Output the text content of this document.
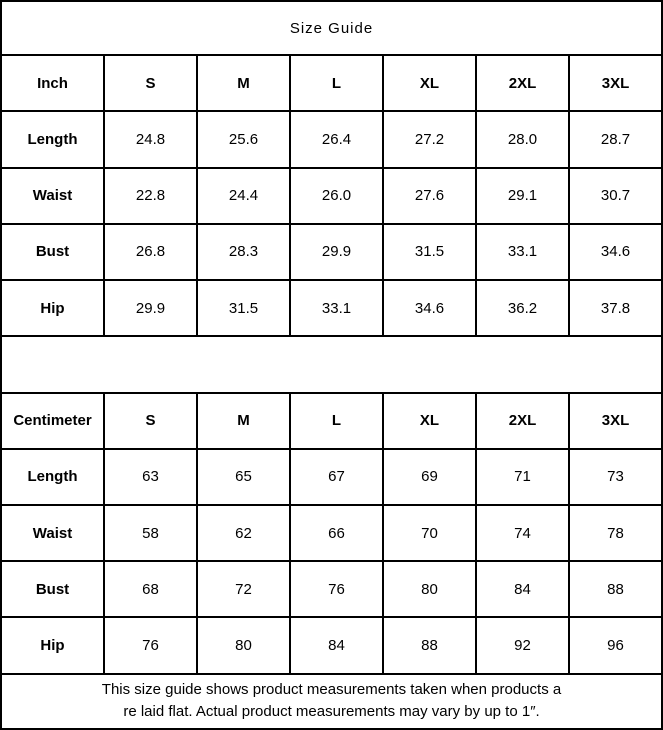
Size Guide						
Inch	S	M	L	XL	2XL	3XL
Length	24.8	25.6	26.4	27.2	28.0	28.7
Waist	22.8	24.4	26.0	27.6	29.1	30.7
Bust	26.8	28.3	29.9	31.5	33.1	34.6
Hip	29.9	31.5	33.1	34.6	36.2	37.8

Centimeter	S	M	L	XL	2XL	3XL
Length	63	65	67	69	71	73
Waist	58	62	66	70	74	78
Bust	68	72	76	80	84	88
Hip	76	80	84	88	92	96

This size guide shows product measurements taken when products a
re laid flat. Actual product measurements may vary by up to 1″.						
